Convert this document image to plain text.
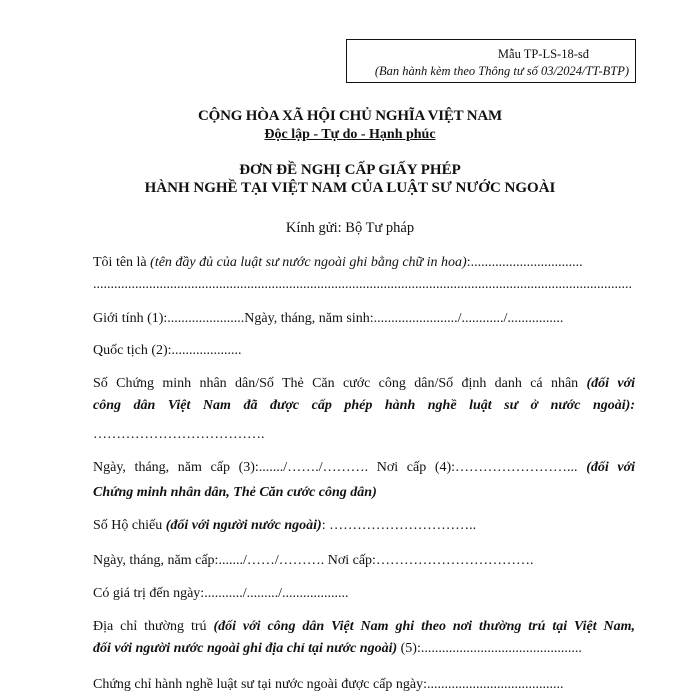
Mẫu TP-LS-18-sđ
(Ban hành kèm theo Thông tư số 03/2024/TT-BTP)
CỘNG HÒA XÃ HỘI CHỦ NGHĨA VIỆT NAM
Độc lập - Tự do - Hạnh phúc
ĐƠN ĐỀ NGHỊ CẤP GIẤY PHÉP
HÀNH NGHỀ TẠI VIỆT NAM CỦA LUẬT SƯ NƯỚC NGOÀI
Kính gửi: Bộ Tư pháp
Tôi tên là (tên đầy đủ của luật sư nước ngoài ghi bằng chữ in hoa):................................
..........................................................................................................................................................
Giới tính (1):......................Ngày, tháng, năm sinh:......................../............/................
Quốc tịch (2):....................
Số Chứng minh nhân dân/Số Thẻ Căn cước công dân/Số định danh cá nhân (đối với
công dân Việt Nam đã được cấp phép hành nghề luật sư ở nước ngoài):
……………………………….
Ngày, tháng, năm cấp (3):......./……./………. Nơi cấp (4):……………………... (đối với
Chứng minh nhân dân, Thẻ Căn cước công dân)
Số Hộ chiếu (đối với người nước ngoài): …………………………..
Ngày, tháng, năm cấp:......./……/………. Nơi cấp:…………………………….
Có giá trị đến ngày:.........../........./...................
Địa chỉ thường trú (đối với công dân Việt Nam ghi theo nơi thường trú tại Việt Nam,
đối với người nước ngoài ghi địa chỉ tại nước ngoài) (5):..............................................
Chứng chỉ hành nghề luật sư tại nước ngoài được cấp ngày:.......................................
